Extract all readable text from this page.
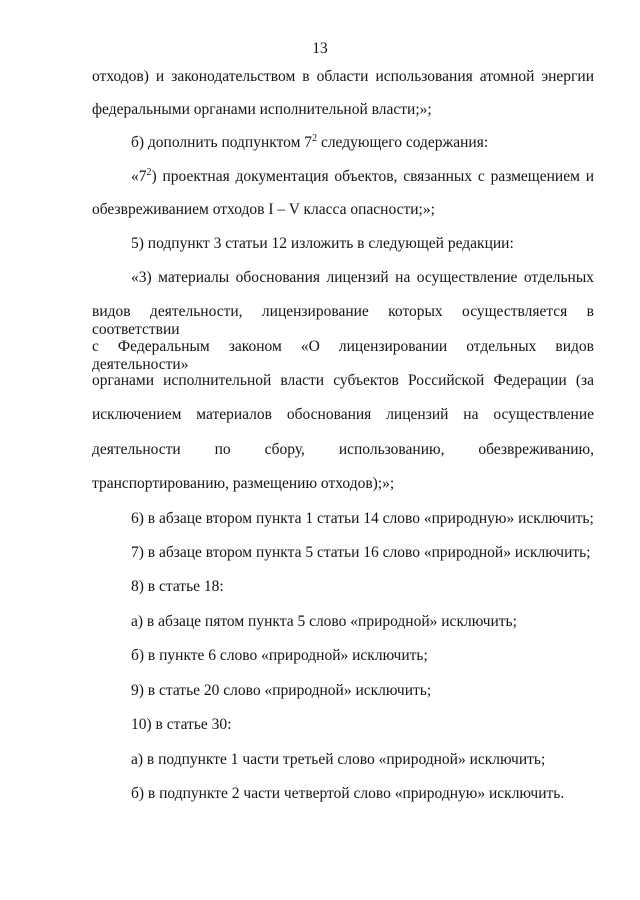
13
отходов) и законодательством в области использования атомной энергии
федеральными органами исполнительной власти;»;
б) дополнить подпунктом $7^2$ следующего содержания:
«$7^2$) проектная документация объектов, связанных с размещением и
обезвреживанием отходов I – V класса опасности;»;
5) подпункт 3 статьи 12 изложить в следующей редакции:
«3) материалы обоснования лицензий на осуществление отдельных
видов деятельности, лицензирование которых осуществляется в соответствии
с Федеральным законом «О лицензировании отдельных видов деятельности»
органами исполнительной власти субъектов Российской Федерации (за
исключением материалов обоснования лицензий на осуществление
деятельности по сбору, использованию, обезвреживанию,
транспортированию, размещению отходов);»;
6) в абзаце втором пункта 1 статьи 14 слово «природную» исключить;
7) в абзаце втором пункта 5 статьи 16 слово «природной» исключить;
8) в статье 18:
а) в абзаце пятом пункта 5 слово «природной» исключить;
б) в пункте 6 слово «природной» исключить;
9) в статье 20 слово «природной» исключить;
10) в статье 30:
а) в подпункте 1 части третьей слово «природной» исключить;
б) в подпункте 2 части четвертой слово «природную» исключить.
